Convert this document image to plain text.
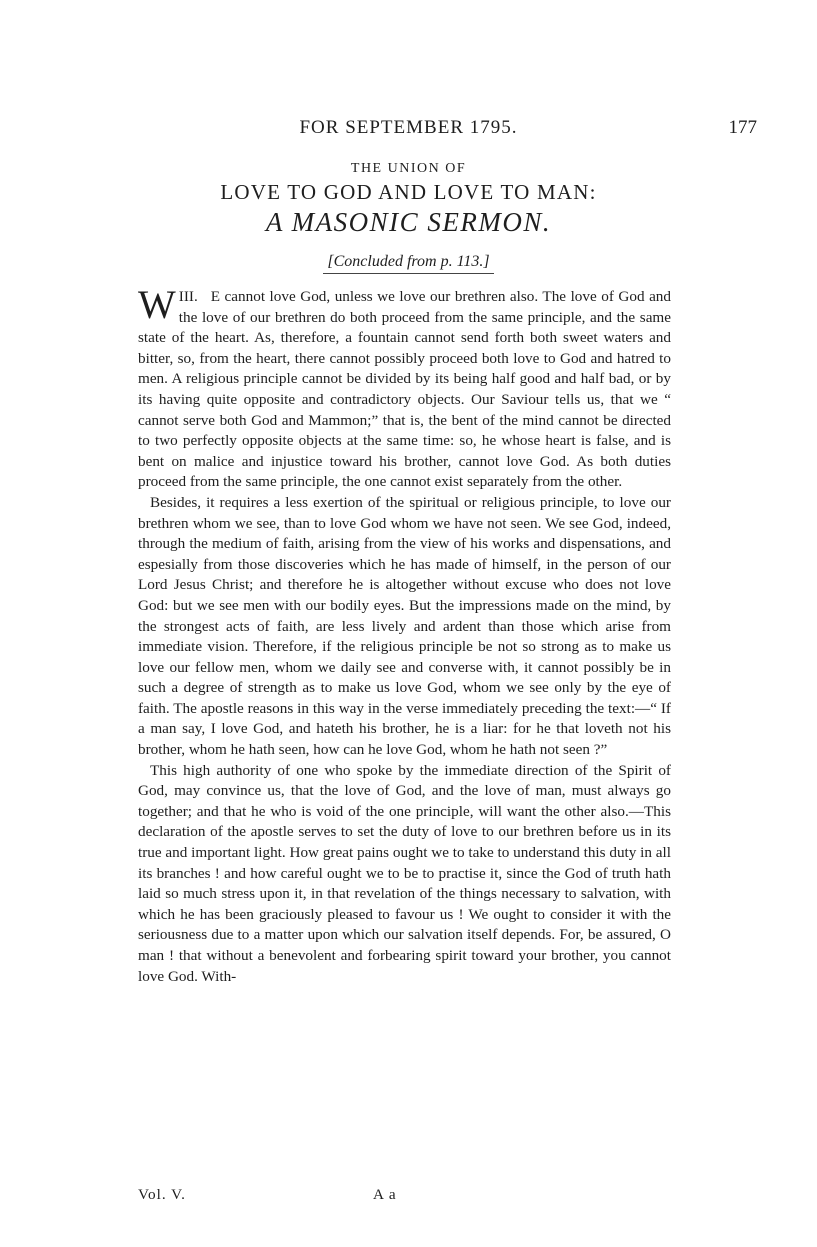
FOR SEPTEMBER 1795.	177
THE UNION OF
LOVE TO GOD AND LOVE TO MAN:
A MASONIC SERMON.
[Concluded from p. 113.]

III.
W E cannot love God, unless we love our brethren also. The love of God and the love of our brethren do both proceed from the same principle, and the same state of the heart. As, therefore, a fountain cannot send forth both sweet waters and bitter, so, from the heart, there cannot possibly proceed both love to God and hatred to men. A religious principle cannot be divided by its being half good and half bad, or by its having quite opposite and contradictory objects. Our Saviour tells us, that we “ cannot serve both God and Mammon;” that is, the bent of the mind cannot be directed to two perfectly opposite objects at the same time: so, he whose heart is false, and is bent on malice and injustice toward his brother, cannot love God. As both duties proceed from the same principle, the one cannot exist separately from the other.

Besides, it requires a less exertion of the spiritual or religious principle, to love our brethren whom we see, than to love God whom we have not seen. We see God, indeed, through the medium of faith, arising from the view of his works and dispensations, and espesially from those discoveries which he has made of himself, in the person of our Lord Jesus Christ; and therefore he is altogether without excuse who does not love God: but we see men with our bodily eyes. But the impressions made on the mind, by the strongest acts of faith, are less lively and ardent than those which arise from immediate vision. Therefore, if the religious principle be not so strong as to make us love our fellow men, whom we daily see and converse with, it cannot possibly be in such a degree of strength as to make us love God, whom we see only by the eye of faith. The apostle reasons in this way in the verse immediately preceding the text:—“ If a man say, I love God, and hateth his brother, he is a liar: for he that loveth not his brother, whom he hath seen, how can he love God, whom he hath not seen ?”

This high authority of one who spoke by the immediate direction of the Spirit of God, may convince us, that the love of God, and the love of man, must always go together; and that he who is void of the one principle, will want the other also.—This declaration of the apostle serves to set the duty of love to our brethren before us in its true and important light. How great pains ought we to take to understand this duty in all its branches ! and how careful ought we to be to practise it, since the God of truth hath laid so much stress upon it, in that revelation of the things necessary to salvation, with which he has been graciously pleased to favour us ! We ought to consider it with the seriousness due to a matter upon which our salvation itself depends. For, be assured, O man ! that without a benevolent and forbearing spirit toward your brother, you cannot love God. With-

Vol. V.	A a
